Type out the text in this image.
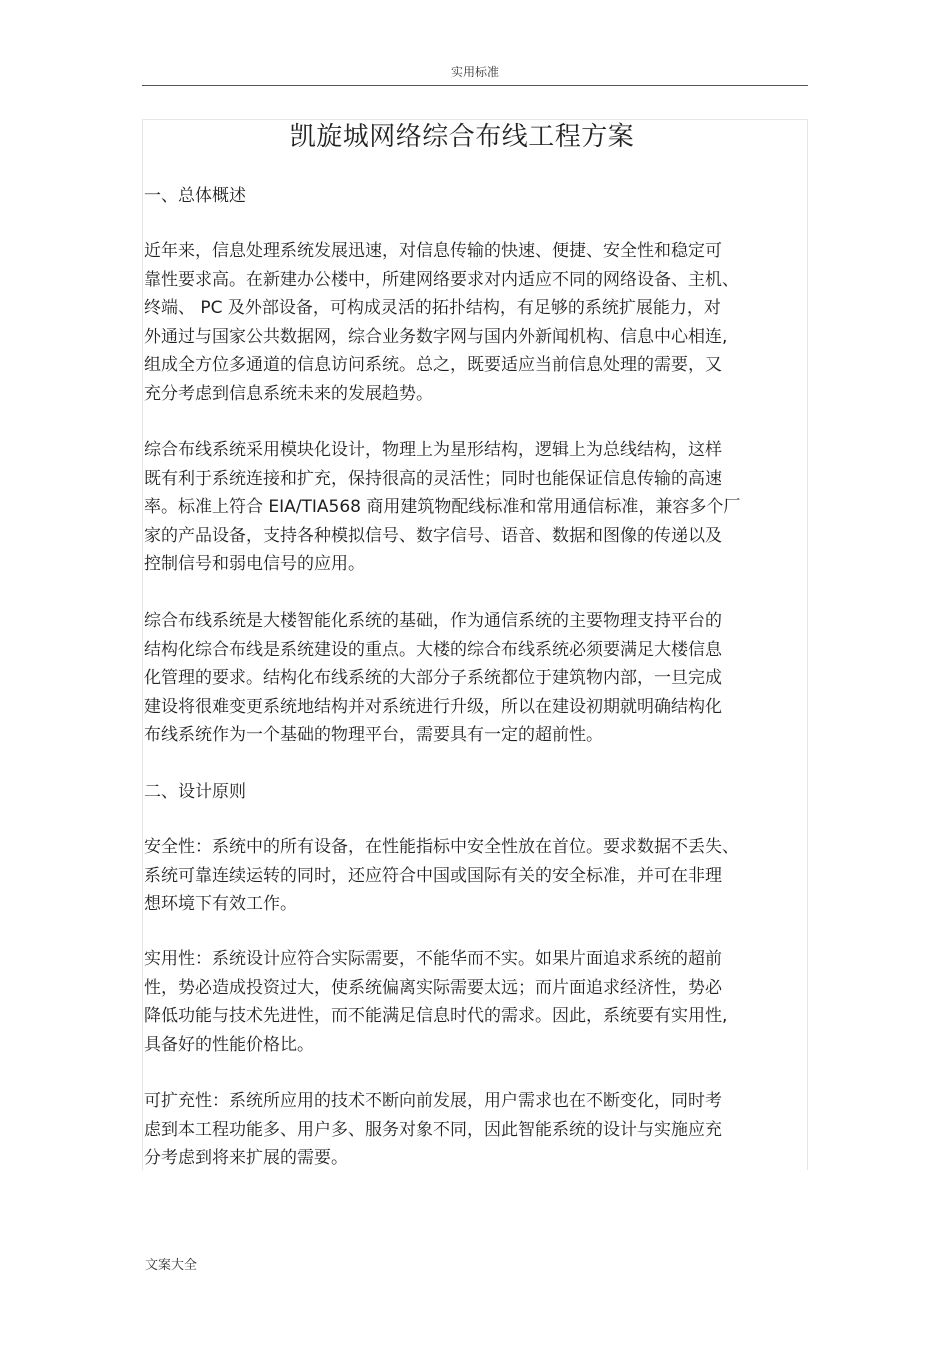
实用标准
凯旋城网络综合布线工程方案
一、总体概述

近年来，信息处理系统发展迅速，对信息传输的快速、便捷、安全性和稳定可
靠性要求高。在新建办公楼中，所建网络要求对内适应不同的网络设备、主机、
终端、 PC 及外部设备，可构成灵活的拓扑结构，有足够的系统扩展能力，对
外通过与国家公共数据网，综合业务数字网与国内外新闻机构、信息中心相连,
组成全方位多通道的信息访问系统。总之，既要适应当前信息处理的需要，又
充分考虑到信息系统未来的发展趋势。

综合布线系统采用模块化设计，物理上为星形结构，逻辑上为总线结构，这样
既有利于系统连接和扩充，保持很高的灵活性；同时也能保证信息传输的高速
率。标准上符合 EIA/TIA568 商用建筑物配线标准和常用通信标准，兼容多个厂
家的产品设备，支持各种模拟信号、数字信号、语音、数据和图像的传递以及
控制信号和弱电信号的应用。

综合布线系统是大楼智能化系统的基础，作为通信系统的主要物理支持平台的
结构化综合布线是系统建设的重点。大楼的综合布线系统必须要满足大楼信息
化管理的要求。结构化布线系统的大部分子系统都位于建筑物内部，一旦完成
建设将很难变更系统地结构并对系统进行升级，所以在建设初期就明确结构化
布线系统作为一个基础的物理平台，需要具有一定的超前性。

二、设计原则

安全性：系统中的所有设备，在性能指标中安全性放在首位。要求数据不丢失、
系统可靠连续运转的同时，还应符合中国或国际有关的安全标准，并可在非理
想环境下有效工作。

实用性：系统设计应符合实际需要，不能华而不实。如果片面追求系统的超前
性，势必造成投资过大，使系统偏离实际需要太远；而片面追求经济性，势必
降低功能与技术先进性，而不能满足信息时代的需求。因此，系统要有实用性,
具备好的性能价格比。

可扩充性：系统所应用的技术不断向前发展，用户需求也在不断变化，同时考
虑到本工程功能多、用户多、服务对象不同，因此智能系统的设计与实施应充
分考虑到将来扩展的需要。

文案大全
